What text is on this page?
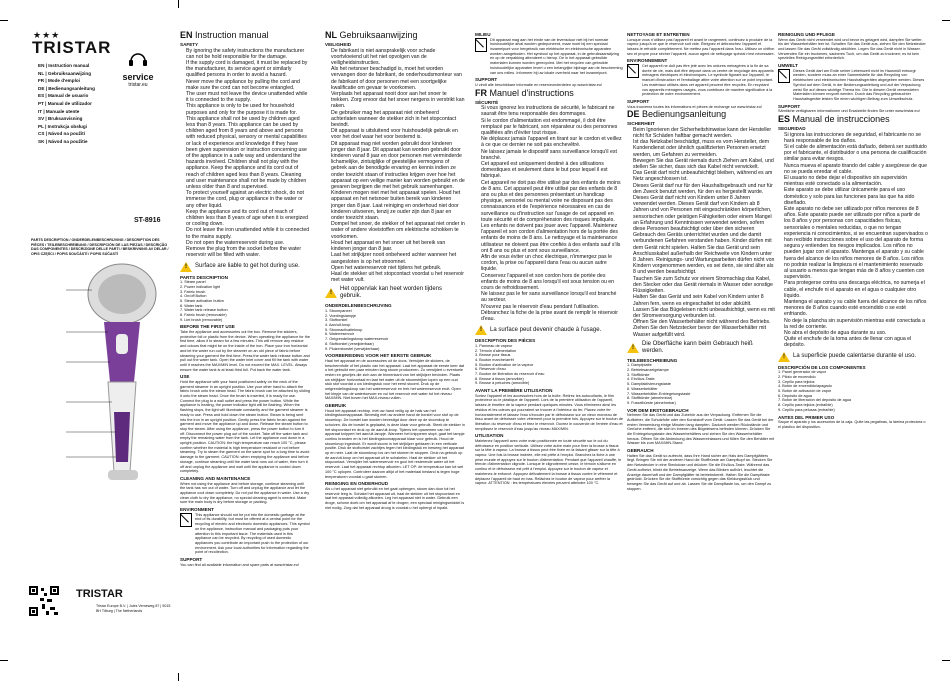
★★★
TRISTAR
EN | Instruction manual
NL | Gebruiksaanwijzing
FR | Mode d'emploi
DE | Bedienungsanleitung
ES | Manual de usuario
PT | Manual de utilizador
IT | Manuale utente
SV | Bruksanvisning
PL | Instrukcja obsługi
CS | Návod na použití
SK | Návod na použitie
service
tristar.eu
ST-8916
PARTS DESCRIPTION / ONDERDELENBESCHRIJVING / DESCRIPTION DES PIÈCES / TEILEBESCHREIBUNG / DESCRIPCIÓN DE LAS PIEZAS / DESCRIÇÃO DAS COMPONENTES / DESCRIZIONE DELLE PARTI / BESKRIVNING AV DELAR / OPIS CZĘŚCI / POPIS SOUČÁSTÍ / POPIS SÚČASTÍ
TRISTAR
Tristar Europe B.V. | Jules Verneweg 87 | 5015 BH Tilburg | The Netherlands
EN Instruction manual
SAFETY
• By ignoring the safety instructions the manufacturer can not be hold responsible for the damage.
• If the supply cord is damaged, it must be replaced by the manufacturer, its service agent or similarly qualified persons in order to avoid a hazard.
• Never move the appliance by pulling the cord and make sure the cord can not become entangled.
• The user must not leave the device unattended while it is connected to the supply.
• This appliance is only to be used for household purposes and only for the purpose it is made for.
• This appliance shall not be used by children aged less than 8 years. This appliance can be used by children aged from 8 years and above and persons with reduced physical, sensory or mental capabilities or lack of experience and knowledge if they have been given supervision or instruction concerning use of the appliance in a safe way and understand the hazards involved. Children shall not play with the appliance. Keep the appliance and its cord out of reach of children aged less than 8 years. Cleaning and user maintenance shall not be made by children unless older than 8 and supervised.
• To protect yourself against an electric shock, do not immerse the cord, plug or appliance in the water or any other liquid.
• Keep the appliance and its cord out of reach of children less than 8 years of age when it is energized or cooling down.
• Do not leave the iron unattended while it is connected to the mains supply.
• Do not open the waterreservoir during use.
• Remove the plug from the socket before the water reservoir will be filled with water.
!
Surface are liable to get hot during use.
PARTS DESCRIPTION

1. Steam panel

2. Power indication light

3. Fabric brush

4. On/off Button

5. Steam activation button

6. Water tank

7. Water tank release button

8. Fabric brush (removable)

9. Lint brush (removable)

BEFORE THE FIRST USE

Take the appliance and accessories out the box. Remove the stickers, protective foil or plastic from the device. When operating the appliance for the first time, allow it to steam for a few minutes. This will remove any residue and odours that might be on the inside of the iron. Place your iron horizontal and let the water run out by the steamer on an old piece of fabric before steaming your garment the first time. Press the water tank release button and pull out the water tank. Open the water inlet cover and fill the tank with water until it reaches the MAX/MIN level. Do not exceed the MAX. LEVEL. Always ensure the water tank is at least third full. Put back the water tank.

USE

Hold the appliance with your hand positioned safely on the neck of the garment steamer in an upright position. Use your other hand to attach the fabric brush onto the steam head. The fabric brush can be attached by sliding it onto the steam head. Once the brush is inserted, it is ready for use. Connect the plug to a wall outlet and press the power button. While the appliance is heating, the power indicator light will be flashing. When the flashing stops, the light will illuminate constantly and the garment steamer is ready to use. Press and hold down the steam button. Steam is being sent into the iron in an upright position. Gently press the fabric brush against the garment and move the appliance up and down. Release the steam button to stop the steam. After using the appliance, press the power button to turn it off. Disconnect the power plug out of the socket. Take off the water tank and empty the remaining water from the tank. Let the appliance cool down in a upright position. CAUTION: the high temperature can reach 100 °C, please confirm whether the material is high temperature resistant or not before steaming. Try to steam the garment on the same spot for a long time to avoid damage to the garment. CAUTION: when emptying the appliance and before storage, continue steaming until the water tank runs out of water, then turn it off and unplug the appliance and wait until the appliance is cooled down completely.

CLEANING AND MAINTENANCE

When not using the appliance and before storage, continue steaming until the tank has run out of water. Turn off and unplug the appliance and let the appliance cool down completely. Do not put the appliance in water. Use a dry clean cloth to dry the appliance, no special cleaning agent is needed. Make sure the main body is dry before storage or packing.

ENVIRONMENT

This appliance should not be put into the domestic garbage at the end of its durability, but must be offered at a central point for the recycling of electric and electronic domestic appliances. This symbol on the appliance, instruction manual and packaging puts your attention to this important issue. The materials used in this appliance can be recycled. By recycling of used domestic appliances you contribute an important push to the protection of our environment. Ask your local authorities for information regarding the point of recollection.

SUPPORT

You can find all available information and spare parts at www.tristar.eu!

NL Gebruiksaanwijzing
VEILIGHEID
• De fabrikant is niet aansprakelijk voor schade voortvloeiend uit het niet opvolgen van de veiligheidsinstructies.
• Als het netsnoer beschadigd is, moet het worden vervangen door de fabrikant, de onderhoudsmonteur van de fabrikant of door personen met een soortgelijke kwalificatie om gevaar te voorkomen.
• Verplaats het apparaat nooit door aan het snoer te trekken. Zorg ervoor dat het snoer nergens in verstrikt kan raken.
• De gebruiker mag het apparaat niet onbeheerd achterlaten wanneer de stekker zich in het stopcontact bevindt.
• Dit apparaat is uitsluitend voor huishoudelijk gebruik en voor het doel waar het voor bestemd is.
• Dit apparaat mag niet worden gebruikt door kinderen jonger dan 8 jaar. Dit apparaat kan worden gebruikt door kinderen vanaf 8 jaar en door personen met verminderde lichamelijke, zintuiglijke of geestelijke vermogens of gebrek aan de benodigde ervaring en kennis indien ze onder toezicht staan of instructies krijgen over hoe het apparaat op een veilige manier kan worden gebruikt en de gevaren begrijpen die met het gebruik samenhangen. Kinderen mogen niet met het apparaat spelen. Houd het apparaat en het netsnoer buiten bereik van kinderen jonger dan 8 jaar. Laat reiniging en onderhoud niet door kinderen uitvoeren, tenzij ze ouder zijn dan 8 jaar en onder toezicht staan.
• Dompel het snoer, de stekker of het apparaat niet onder in water of andere vloeistoffen om elektrische schokken te voorkomen.
• Houd het apparaat en het snoer uit het bereik van kinderen jonger dan 8 jaar.
• Laat het strijkijzer nooit onbeheerd achter wanneer het aangesloten is op het stroomnet.
• Open het waterreservoir niet tijdens het gebruik.
• Haal de stekker uit het stopcontact voordat u het reservoir met water vult.
!
Het oppervlak kan heet worden tijdens gebruik.
ONDERDELENBESCHRIJVING

1. Stoompaneel

2. Voedingslampje

3. Stofborstel

4. Aan/uit-knop

5. Stoomactivatieknop

6. Waterreservoir

7. Ontgrendelingsknop waterreservoir

8. Stofborstel (verwijderbaar)

9. Pluizenborstel (verwijderbaar)

VOORBEREIDING VOOR HET EERSTE GEBRUIK

Haal het apparaat en de accessoires uit de doos. Verwijder de stickers, de beschermfolie of het plastic van het apparaat. Laat het apparaat de eerste keer dat u het gebruikt een paar minuten lang stoom produceren. Zo verwijdert u eventuele resten en geurtjes die zich aan de binnenkant van het strijkijzer bevinden. Plaats uw strijkijzer horizontaal en laat het water uit de stoomstrijker lopen op een oud stuk stof voordat u uw kledingstuk voor het eerst stoomt. Druk op de ontgrendelingsknop van het waterreservoir en trek het waterreservoir eruit. Open het klepje van de watertoevoer en vul het reservoir met water tot het niveau MAX/MIN. Niet boven het MAX-niveau vullen.

GEBRUIK

Houd het apparaat rechtop, met uw hand veilig op de hals van het kledingstoomapparaat. Bevestig met uw andere hand de borstel voor stof op de stoomkop. De borstel kan worden bevestigd door deze op de stoomkop te schuiven. Als de borstel is geplaatst, is deze klaar voor gebruik. Steek de stekker in het stopcontact en druk op de aan/uit-knop. Tijdens het opwarmen van het apparaat knippert het aan/uit-lampje. Wanneer het knipperen stopt, gaat het lampje continu branden en is het kledingstoomapparaat klaar voor gebruik. Houd de stoomknop ingedrukt. Er wordt stoom in het strijkijzer geblazen in een verticale positie. Druk de stofborstel zachtjes tegen het kledingstuk en beweeg het apparaat op en neer. Laat de stoomknop los om het stomen te stoppen. Druk na gebruik op de aan/uit-knop om het apparaat uit te schakelen. Haal de stekker uit het stopcontact. Verwijder het waterreservoir en gooi het resterende water uit het reservoir. Laat het apparaat rechtop afkoelen. LET OP: de temperatuur kan tot wel 100 °C oplopen. Controleer daarom altijd of het materiaal bestand is tegen hoge temperaturen voordat u gaat stomen.

REINIGING EN ONDERHOUD

Als u het apparaat niet gebruikt en het gaat opbergen, stoom dan door tot het reservoir leeg is. Schakel het apparaat uit, haal de stekker uit het stopcontact en laat het apparaat volledig afkoelen. Leg het apparaat niet in water. Gebruik een droge, schone doek om het apparaat af te drogen; een speciaal reinigingsmiddel is niet nodig. Zorg dat het apparaat droog is voordat u het opbergt of inpakt.

MILIEU

Dit apparaat mag aan het einde van de levensduur niet bij het normale huishoudelijke afval worden gedeponeerd, maar moet bij een speciaal inzamelpunt voor hergebruik van elektrische en elektronische apparaten worden aangeboden. Het symbool op het apparaat, in de gebruiksaanwijzing en op de verpakking attendeert u hierop. De in het apparaat gebruikte materialen kunnen worden gerecycled. Met het recyclen van gebruikte huishoudelijke apparaten levert u een belangrijke bijdrage aan de bescherming van ons milieu. Informeer bij uw lokale overheid naar het inzamelpunt.

SUPPORT

U vindt alle beschikbare informatie en reserveonderdelen op www.tristar.eu!

FR Manuel d'instructions
SÉCURITÉ
• Si vous ignorez les instructions de sécurité, le fabricant ne saurait être tenu responsable des dommages.
• Si le cordon d'alimentation est endommagé, il doit être remplacé par le fabricant, son réparateur ou des personnes qualifiées afin d'éviter tout risque.
• Ne déplacez jamais l'appareil en tirant sur le cordon et veillez à ce que ce dernier ne soit pas enchevêtré.
• Ne laissez jamais le dispositif sans surveillance lorsqu'il est branché.
• Cet appareil est uniquement destiné à des utilisations domestiques et seulement dans le but pour lequel il est fabriqué.
• Cet appareil ne doit pas être utilisé par des enfants de moins de 8 ans. Cet appareil peut être utilisé par des enfants de 8 ans ou plus et des personnes présentant un handicap physique, sensoriel ou mental voire ne disposant pas des connaissances et de l'expérience nécessaires en cas de surveillance ou d'instruction sur l'usage de cet appareil en toute sécurité et de compréhension des risques impliqués. Les enfants ne doivent pas jouer avec l'appareil. Maintenez l'appareil et son cordon d'alimentation hors de la portée des enfants de moins de 8 ans. Le nettoyage et la maintenance utilisateur ne doivent pas être confiés à des enfants sauf s'ils ont 8 ans ou plus et sont sous surveillance.
• Afin de vous éviter un choc électrique, n'immergez pas le cordon, la prise ou l'appareil dans l'eau ou aucun autre liquide.
• Conservez l'appareil et son cordon hors de portée des enfants de moins de 8 ans lorsqu'il est sous tension ou en cours de refroidissement.
• Ne laissez pas le fer sans surveillance lorsqu'il est branché au secteur.
• N'ouvrez pas le réservoir d'eau pendant l'utilisation.
• Débranchez la fiche de la prise avant de remplir le réservoir d'eau.
!
La surface peut devenir chaude à l'usage.
DESCRIPTION DES PIÈCES

1. Panneau de vapeur

2. Témoin d'alimentation

3. Brosse pour tissus

4. Bouton marche/arrêt

5. Bouton d'activation de la vapeur

6. Réservoir d'eau

7. Bouton de libération du réservoir d'eau

8. Brosse à tissus (amovible)

9. Brosse à peluches (amovible)

AVANT LA PREMIÈRE UTILISATION

Sortez l'appareil et les accessoires hors de la boîte. Retirez les autocollants, le film protecteur ou le plastique de l'appareil. Lors de la première utilisation de l'appareil, laissez-le émettre de la vapeur pendant quelques minutes. Vous éliminerez ainsi les résidus et les odeurs qui pourraient se trouver à l'intérieur du fer. Placez votre fer horizontalement et laissez l'eau s'écouler par le défroisseur sur un vieux morceau de tissu avant de défroisser votre vêtement pour la première fois. Appuyez sur le bouton de libération du réservoir d'eau et tirez le réservoir. Ouvrez le couvercle de l'entrée d'eau et remplissez le réservoir d'eau jusqu'au niveau MAX/MIN.

UTILISATION

Maintenez l'appareil avec votre main positionnée en toute sécurité sur le col du défroisseur en position verticale. Utilisez votre autre main pour fixer la brosse à tissus sur la tête à vapeur. La brosse à tissus peut être fixée en la faisant glisser sur la tête à vapeur. Une fois la brosse insérée, elle est prête à l'emploi. Branchez la fiche à une prise murale et appuyez sur le bouton d'alimentation. Pendant que l'appareil chauffe, le témoin d'alimentation clignote. Lorsque le clignotement cesse, le témoin s'allume en continu et le défroisseur est prêt à l'emploi. Appuyez sur le bouton de vapeur et maintenez-le enfoncé. Appuyez délicatement la brosse à tissus contre le vêtement et déplacez l'appareil de haut en bas. Relâchez le bouton de vapeur pour arrêter la vapeur. ATTENTION : les températures élevées peuvent atteindre 100 °C.

NETTOYAGE ET ENTRETIEN

Lorsque vous n'utilisez pas l'appareil et avant le rangement, continuez à produire de la vapeur jusqu'à ce que le réservoir soit vide. Éteignez et débranchez l'appareil et laissez-le refroidir complètement. Ne mettez pas l'appareil dans l'eau. Utilisez un chiffon sec et propre pour sécher l'appareil, aucun agent de nettoyage spécial n'est nécessaire.

ENVIRONNEMENT

Cet appareil ne doit pas être jeté avec les ordures ménagères à la fin de sa durée de vie, mais doit être déposé dans un centre de recyclage des appareils ménagers électriques et électroniques. Le symbole figurant sur l'appareil, le manuel d'instruction et l'emballage attire votre attention sur ce point important. Les matériaux utilisés dans cet appareil peuvent être recyclés. En recyclant vos appareils ménagers usagés, vous contribuez de manière significative à la protection de notre environnement.

SUPPORT

Vous trouverez toutes les informations et pièces de rechange sur www.tristar.eu!

DE Bedienungsanleitung
SICHERHEIT
• Beim Ignorieren der Sicherheitshinweise kann der Hersteller nicht für Schäden haftbar gemacht werden.
• Ist das Netzkabel beschädigt, muss es vom Hersteller, dem Kundendienst oder ähnlich qualifizierten Personen ersetzt werden, um Gefahren zu vermeiden.
• Bewegen Sie das Gerät niemals durch Ziehen am Kabel, und stellen Sie sicher, dass sich das Kabel nicht verwickelt.
• Das Gerät darf nicht unbeaufsichtigt bleiben, während es am Netz angeschlossen ist.
• Dieses Gerät darf nur für den Haushaltsgebrauch und nur für den Zweck benutzt werden, für den es hergestellt wurde.
• Dieses Gerät darf nicht von Kindern unter 8 Jahren verwendet werden. Dieses Gerät darf von Kindern ab 8 Jahren und von Personen mit eingeschränkten körperlichen, sensorischen oder geistigen Fähigkeiten oder einem Mangel an Erfahrung und Kenntnissen verwendet werden, sofern diese Personen beaufsichtigt oder über den sicheren Gebrauch des Geräts unterrichtet wurden und die damit verbundenen Gefahren verstanden haben. Kinder dürfen mit dem Gerät nicht spielen. Halten Sie das Gerät und sein Anschlusskabel außerhalb der Reichweite von Kindern unter 8 Jahren. Reinigungs- und Wartungsarbeiten dürfen nicht von Kindern vorgenommen werden, es sei denn, sie sind älter als 8 und werden beaufsichtigt.
• Tauchen Sie zum Schutz vor einem Stromschlag das Kabel, den Stecker oder das Gerät niemals in Wasser oder sonstige Flüssigkeiten.
• Halten Sie das Gerät und sein Kabel von Kindern unter 8 Jahren fern, wenn es eingeschaltet ist oder abkühlt.
• Lassen Sie das Bügeleisen nicht unbeaufsichtigt, wenn es mit der Stromversorgung verbunden ist.
• Öffnen Sie den Wasserbehälter nicht während des Betriebs.
• Ziehen Sie den Netzstecker bevor der Wasserbehälter mit Wasser aufgefüllt wird.
!
Die Oberfläche kann beim Gebrauch heiß werden.
TEILEBESCHREIBUNG

1. Dampfplatte

2. Betriebsanzeigelampe

3. Stoffbürste

4. Ein/Aus-Taste

5. Dampfaktivierungstaste

6. Wasserbehälter

7. Wasserbehälter-Entriegelungstaste

8. Stoffbürste (abnehmbar)

9. Fusselbürste (abnehmbar)

VOR DEM ERSTGEBRAUCH

Nehmen Sie das Gerät und das Zubehör aus der Verpackung. Entfernen Sie die Aufkleber, die Schutzfolie oder den Kunststoff vom Gerät. Lassen Sie das Gerät bei der ersten Verwendung einige Minuten lang dampfen. Dadurch werden Rückstände und Gerüche entfernt, die sich im Inneren des Bügeleisens befinden können. Drücken Sie die Entriegelungstaste des Wasserbehälters und ziehen Sie den Wasserbehälter heraus. Öffnen Sie die Abdeckung des Wassereinlasses und füllen Sie den Behälter mit Wasser bis zum MAX/MIN-Stand.

GEBRAUCH

Halten Sie das Gerät so aufrecht, dass Ihre Hand sicher am Hals des Dampfglätters liegt. Bringen Sie mit der anderen Hand die Stoffbürste am Dampfkopf an. Stecken Sie den Netzstecker in eine Steckdose und drücken Sie die Ein/Aus-Taste. Während das Gerät aufheizt, blinkt die Betriebsanzeige. Wenn das Blinken aufhört, leuchtet die Anzeige dauerhaft und der Dampfglätter ist betriebsbereit. Halten Sie die Dampftaste gedrückt. Drücken Sie die Stoffbürste vorsichtig gegen das Kleidungsstück und bewegen Sie das Gerät auf und ab. Lassen Sie die Dampftaste los, um den Dampf zu stoppen.

REINIGUNG UND PFLEGE

Wenn das Gerät nicht verwendet wird und bevor es gelagert wird, dampfen Sie weiter, bis der Wasserbehälter leer ist. Schalten Sie das Gerät aus, ziehen Sie den Netzstecker und lassen Sie das Gerät vollständig abkühlen. Legen Sie das Gerät nicht in Wasser. Verwenden Sie ein trockenes, sauberes Tuch, um das Gerät zu trocknen; es ist kein spezielles Reinigungsmittel erforderlich.

UMWELT

Dieses Gerät darf am Ende seiner Lebenszeit nicht im Hausmüll entsorgt werden, sondern muss an einer Sammelstelle für das Recycling von elektrischen und elektronischen Haushaltsgeräten abgegeben werden. Dieses Symbol auf dem Gerät, in der Bedienungsanleitung und auf der Verpackung weist Sie auf dieses wichtige Thema hin. Die in diesem Gerät verwendeten Materialien können recycelt werden. Durch das Recycling gebrauchter Haushaltsgeräte leisten Sie einen wichtigen Beitrag zum Umweltschutz.

SUPPORT

Sämtliche verfügbaren Informationen und Ersatzteile finden Sie unter www.tristar.eu!

ES Manual de instrucciones
SEGURIDAD
• Si ignora las instrucciones de seguridad, el fabricante no se hará responsable de los daños.
• Si el cable de alimentación está dañado, deberá ser sustituido por el fabricante, el distribuidor o una persona de cualificación similar para evitar riesgos.
• Nunca mueva el aparato tirando del cable y asegúrese de que no se pueda enredar el cable.
• El usuario no debe dejar el dispositivo sin supervisión mientras esté conectado a la alimentación.
• Este aparato se debe utilizar únicamente para el uso doméstico y solo para las funciones para las que ha sido diseñado.
• Este aparato no debe ser utilizado por niños menores de 8 años. Este aparato puede ser utilizado por niños a partir de los 8 años y por personas con capacidades físicas, sensoriales o mentales reducidas, o que no tengan experiencia ni conocimientos, si se encuentran supervisados o han recibido instrucciones sobre el uso del aparato de forma segura y entienden los riesgos implicados. Los niños no pueden jugar con el aparato. Mantenga el aparato y su cable fuera del alcance de los niños menores de 8 años. Los niños no podrán realizar la limpieza ni el mantenimiento reservado al usuario a menos que tengan más de 8 años y cuenten con supervisión.
• Para protegerse contra una descarga eléctrica, no sumerja el cable, el enchufe ni el aparato en el agua o cualquier otro líquido.
• Mantenga el aparato y su cable fuera del alcance de los niños menores de 8 años cuando esté encendido o se esté enfriando.
• No deje la plancha sin supervisión mientras esté conectada a la red de corriente.
• No abra el depósito de agua durante su uso.
• Quite el enchufe de la toma antes de llenar con agua el depósito.
!
La superficie puede calentarse durante el uso.
DESCRIPCIÓN DE LOS COMPONENTES

1. Panel generador de vapor

2. Piloto de encendido

3. Cepillo para tejidos

4. Botón de encendido/apagado

5. Botón de activación de vapor

6. Depósito de agua

7. Botón de liberación del depósito de agua

8. Cepillo para tejidos (extraíble)

9. Cepillo para pelusas (extraíble)

ANTES DEL PRIMER USO

Saque el aparato y los accesorios de la caja. Quite las pegatinas, la lámina protectora o el plástico del dispositivo.
